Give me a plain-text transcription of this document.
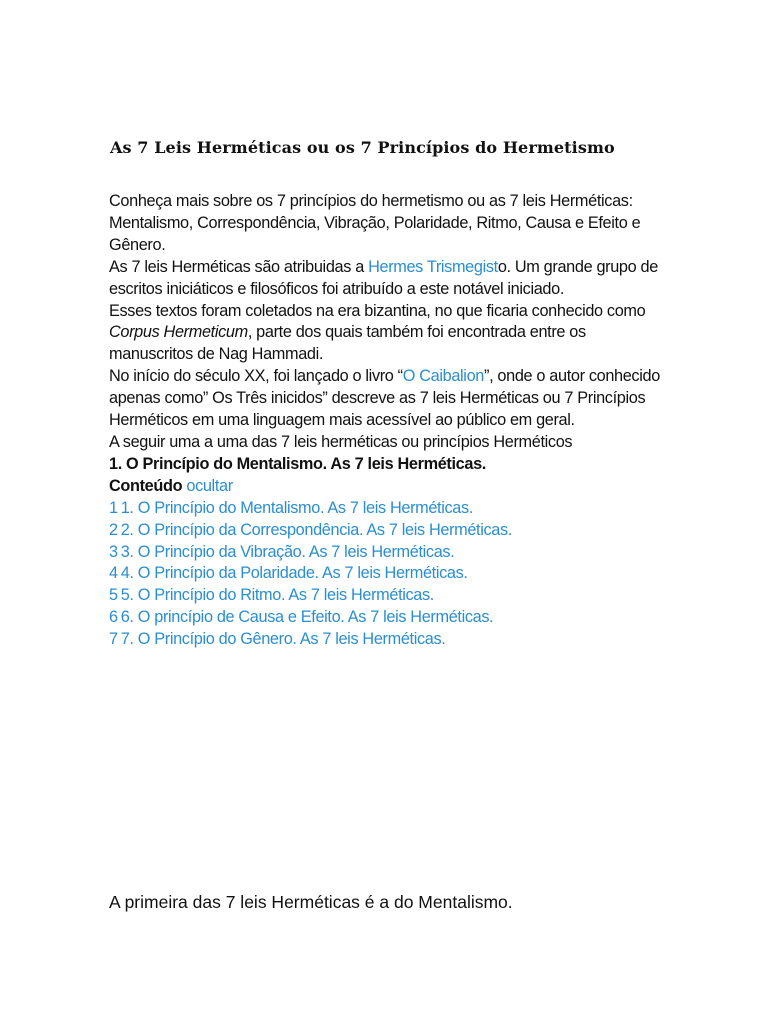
As 7 Leis Herméticas ou os 7 Princípios do Hermetismo

Conheça mais sobre os 7 princípios do hermetismo ou as 7 leis Herméticas: Mentalismo, Correspondência, Vibração, Polaridade, Ritmo, Causa e Efeito e Gênero.

As 7 leis Herméticas são atribuidas a Hermes Trismegisto. Um grande grupo de escritos iniciáticos e filosóficos foi atribuído a este notável iniciado.

Esses textos foram coletados na era bizantina, no que ficaria conhecido como Corpus Hermeticum, parte dos quais também foi encontrada entre os manuscritos de Nag Hammadi.

No início do século XX, foi lançado o livro “O Caibalion”, onde o autor conhecido apenas como” Os Três inicidos” descreve as 7 leis Herméticas ou 7 Princípios Herméticos em uma linguagem mais acessível ao público em geral.

A seguir uma a uma das 7 leis herméticas ou princípios Herméticos

1. O Princípio do Mentalismo. As 7 leis Herméticas.

Conteúdo ocultar

1 1. O Princípio do Mentalismo. As 7 leis Herméticas.
2 2. O Princípio da Correspondência. As 7 leis Herméticas.
3 3. O Princípio da Vibração. As 7 leis Herméticas.
4 4. O Princípio da Polaridade. As 7 leis Herméticas.
5 5. O Princípio do Ritmo. As 7 leis Herméticas.
6 6. O princípio de Causa e Efeito. As 7 leis Herméticas.
7 7. O Princípio do Gênero. As 7 leis Herméticas.
A primeira das 7 leis Herméticas é a do Mentalismo.
